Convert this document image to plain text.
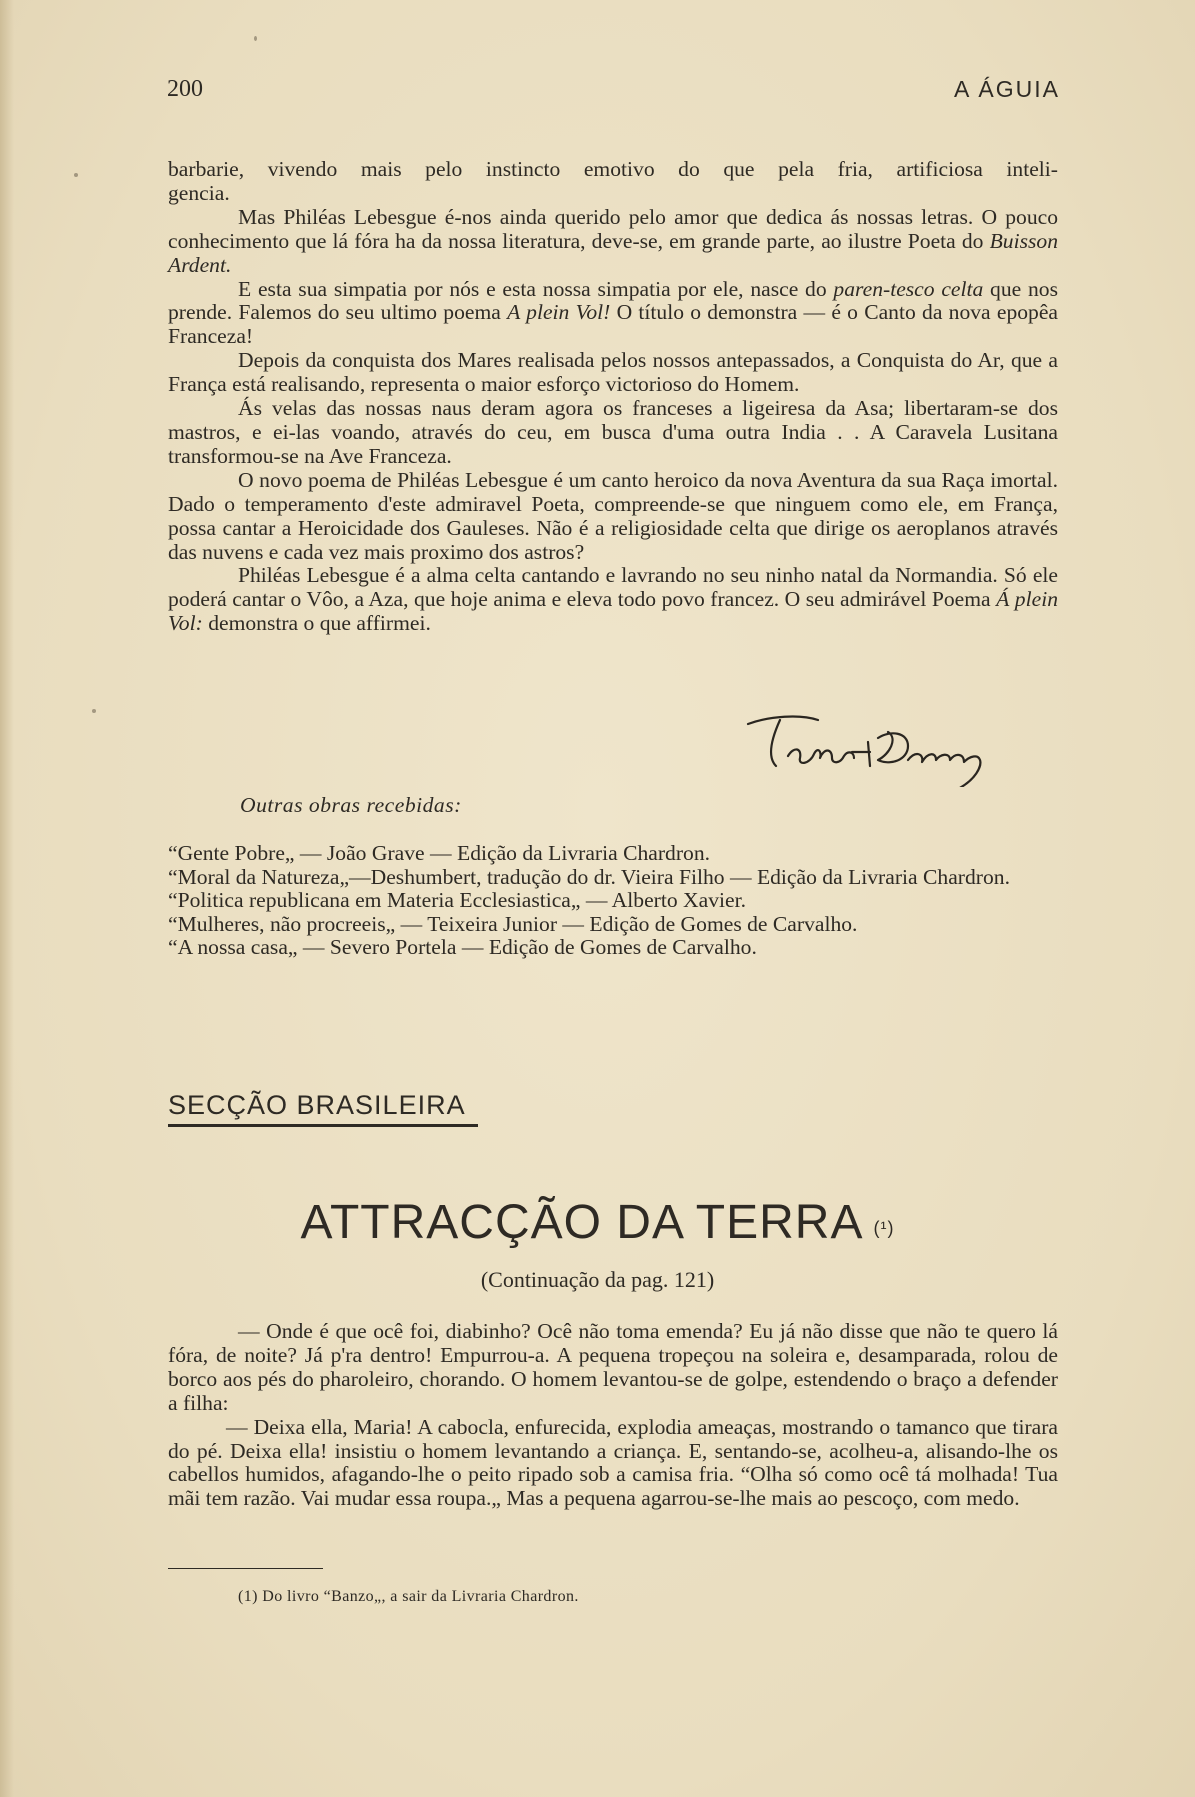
200	A ÁGUIA

barbarie, vivendo mais pelo instincto emotivo do que pela fria, artificiosa inteli-

gencia.

Mas Philéas Lebesgue é-nos ainda querido pelo amor que dedica ás nossas letras. O pouco conhecimento que lá fóra ha da nossa literatura, deve-se, em grande parte, ao ilustre Poeta do Buisson Ardent.

E esta sua simpatia por nós e esta nossa simpatia por ele, nasce do paren-tesco celta que nos prende. Falemos do seu ultimo poema A plein Vol! O título o demonstra — é o Canto da nova epopêa Franceza!

Depois da conquista dos Mares realisada pelos nossos antepassados, a Conquista do Ar, que a França está realisando, representa o maior esforço victorioso do Homem.

Ás velas das nossas naus deram agora os franceses a ligeiresa da Asa; libertaram-se dos mastros, e ei-las voando, através do ceu, em busca d'uma outra India . . A Caravela Lusitana transformou-se na Ave Franceza.

O novo poema de Philéas Lebesgue é um canto heroico da nova Aventura da sua Raça imortal. Dado o temperamento d'este admiravel Poeta, compreende-se que ninguem como ele, em França, possa cantar a Heroicidade dos Gauleses. Não é a religiosidade celta que dirige os aeroplanos através das nuvens e cada vez mais proximo dos astros?

Philéas Lebesgue é a alma celta cantando e lavrando no seu ninho natal da Normandia. Só ele poderá cantar o Vôo, a Aza, que hoje anima e eleva todo povo francez. O seu admirável Poema Á plein Vol: demonstra o que affirmei.

Outras obras recebidas:
“Gente Pobre„ — João Grave — Edição da Livraria Chardron.
“Moral da Natureza„—Deshumbert, tradução do dr. Vieira Filho — Edição da Livraria Chardron.
“Politica republicana em Materia Ecclesiastica„ — Alberto Xavier.
“Mulheres, não procreeis„ — Teixeira Junior — Edição de Gomes de Carvalho.
“A nossa casa„ — Severo Portela — Edição de Gomes de Carvalho.
SECÇÃO BRASILEIRA
ATTRACÇÃO DA TERRA (¹)
(Continuação da pag. 121)

— Onde é que ocê foi, diabinho? Ocê não toma emenda? Eu já não disse que não te quero lá fóra, de noite? Já p'ra dentro! Empurrou-a. A pequena tropeçou na soleira e, desamparada, rolou de borco aos pés do pharoleiro, chorando. O homem levantou-se de golpe, estendendo o braço a defender a filha:

— Deixa ella, Maria! A cabocla, enfurecida, explodia ameaças, mostrando o tamanco que tirara do pé. Deixa ella! insistiu o homem levantando a criança. E, sentando-se, acolheu-a, alisando-lhe os cabellos humidos, afagando-lhe o peito ripado sob a camisa fria. “Olha só como ocê tá molhada! Tua mãi tem razão. Vai mudar essa roupa.„ Mas a pequena agarrou-se-lhe mais ao pescoço, com medo.

(1) Do livro “Banzo„, a sair da Livraria Chardron.
